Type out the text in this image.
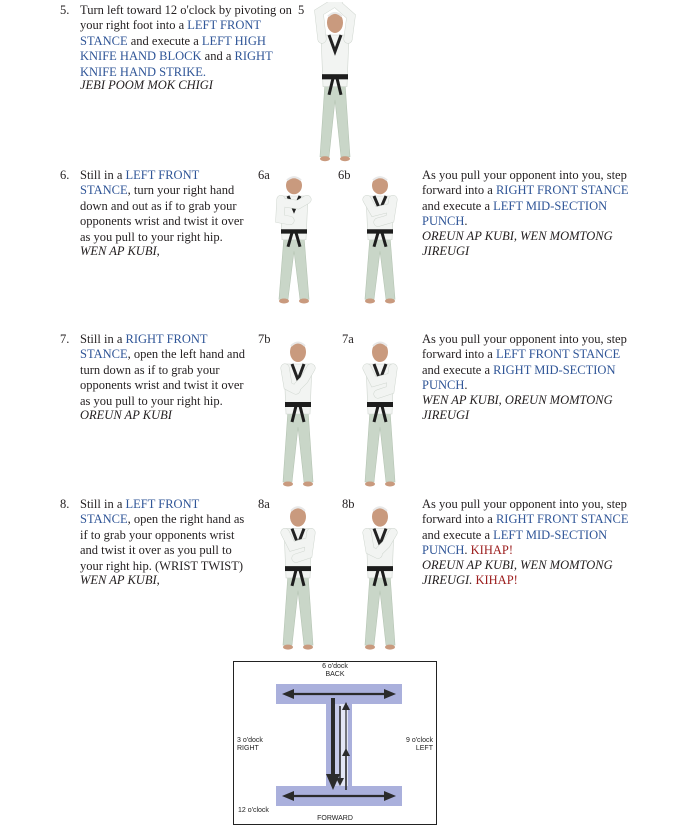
5. Turn left toward 12 o'clock by pivoting on your right foot into a LEFT FRONT STANCE and execute a LEFT HIGH KNIFE HAND BLOCK and a RIGHT KNIFE HAND STRIKE.
JEBI POOM MOK CHIGI
5
6. Still in a LEFT FRONT STANCE, turn your right hand down and out as if to grab your opponents wrist and twist it over as you pull to your right hip.
WEN AP KUBI,
6a	6b	As you pull your opponent into you, step forward into a RIGHT FRONT STANCE and execute a LEFT MID-SECTION PUNCH.
OREUN AP KUBI, WEN MOMTONG JIREUGI
7. Still in a RIGHT FRONT STANCE, open the left hand and turn down as if to grab your opponents wrist and twist it over as you pull to your right hip.
OREUN AP KUBI
7b	7a	As you pull your opponent into you, step forward into a LEFT FRONT STANCE and execute a RIGHT MID-SECTION PUNCH.
WEN AP KUBI, OREUN MOMTONG JIREUGI
8. Still in a LEFT FRONT STANCE, open the right hand as if to grab your opponents wrist and twist it over as you pull to your right hip. (WRIST TWIST)
WEN AP KUBI,
8a	8b	As you pull your opponent into you, step forward into a RIGHT FRONT STANCE and execute a LEFT MID-SECTION PUNCH. KIHAP!
OREUN AP KUBI, WEN MOMTONG JIREUGI. KIHAP!
6 o'dock
BACK
3 o'dock
RIGHT
9 o'clock
LEFT
12 o'clock
FORWARD
